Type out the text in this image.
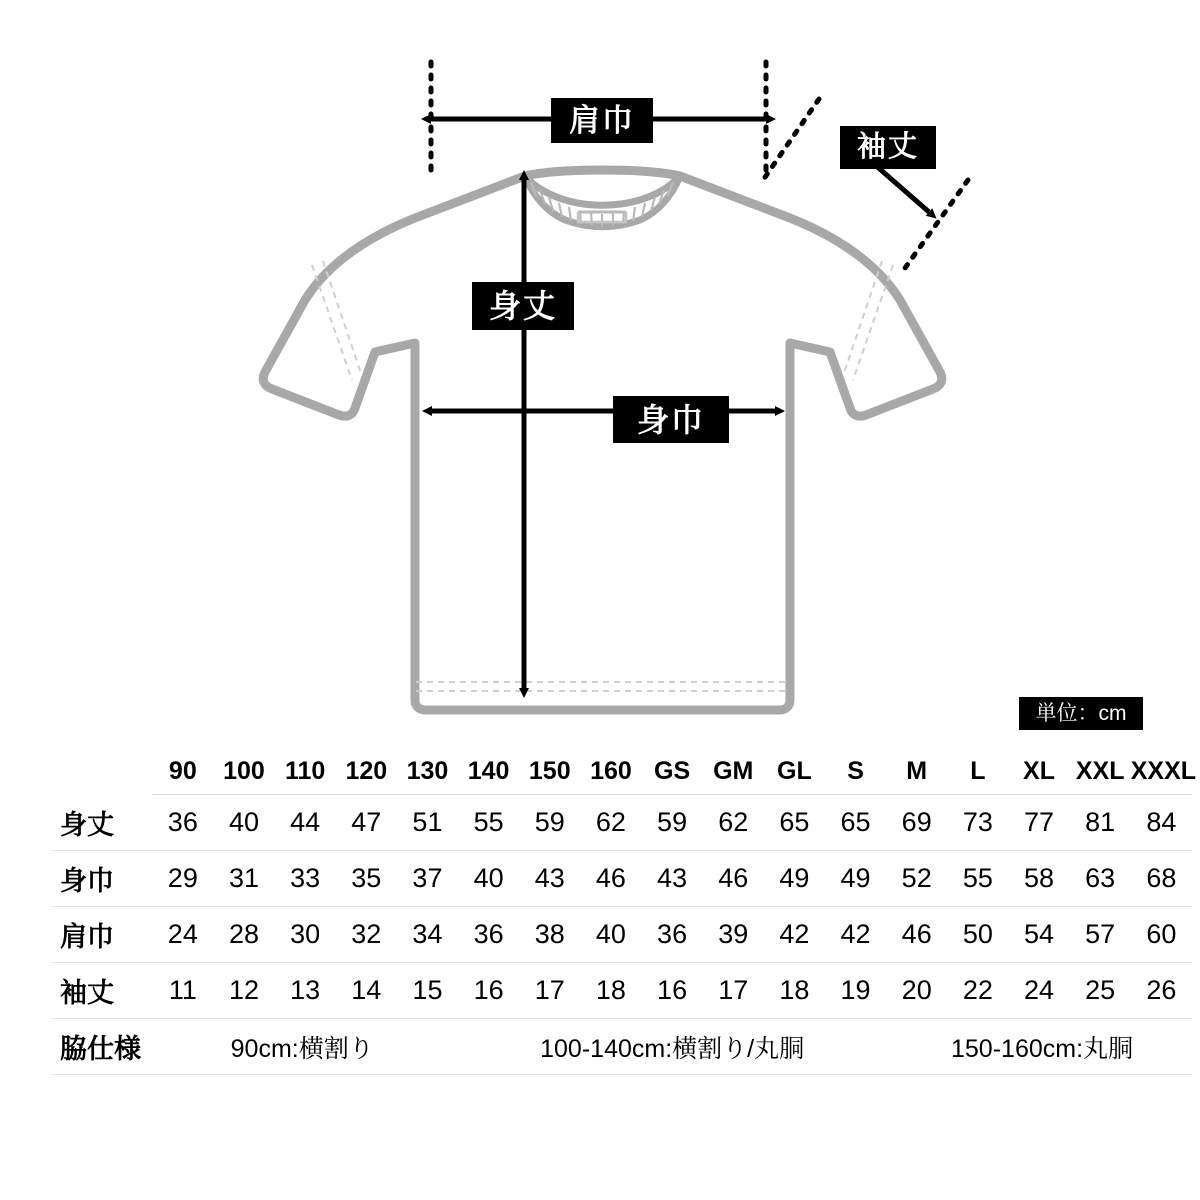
肩巾
袖丈
身丈
身巾
単位：cm
	90	100	110	120	130	140	150	160	GS	GM	GL	S	M	L	XL	XXL	XXXL
身丈	36	40	44	47	51	55	59	62	59	62	65	65	69	73	77	81	84
身巾	29	31	33	35	37	40	43	46	43	46	49	49	52	55	58	63	68
肩巾	24	28	30	32	34	36	38	40	36	39	42	42	46	50	54	57	60
袖丈	11	12	13	14	15	16	17	18	16	17	18	19	20	22	24	25	26
脇仕様	90cm:横割り 100-140cm:横割り/丸胴 150-160cm:丸胴																
